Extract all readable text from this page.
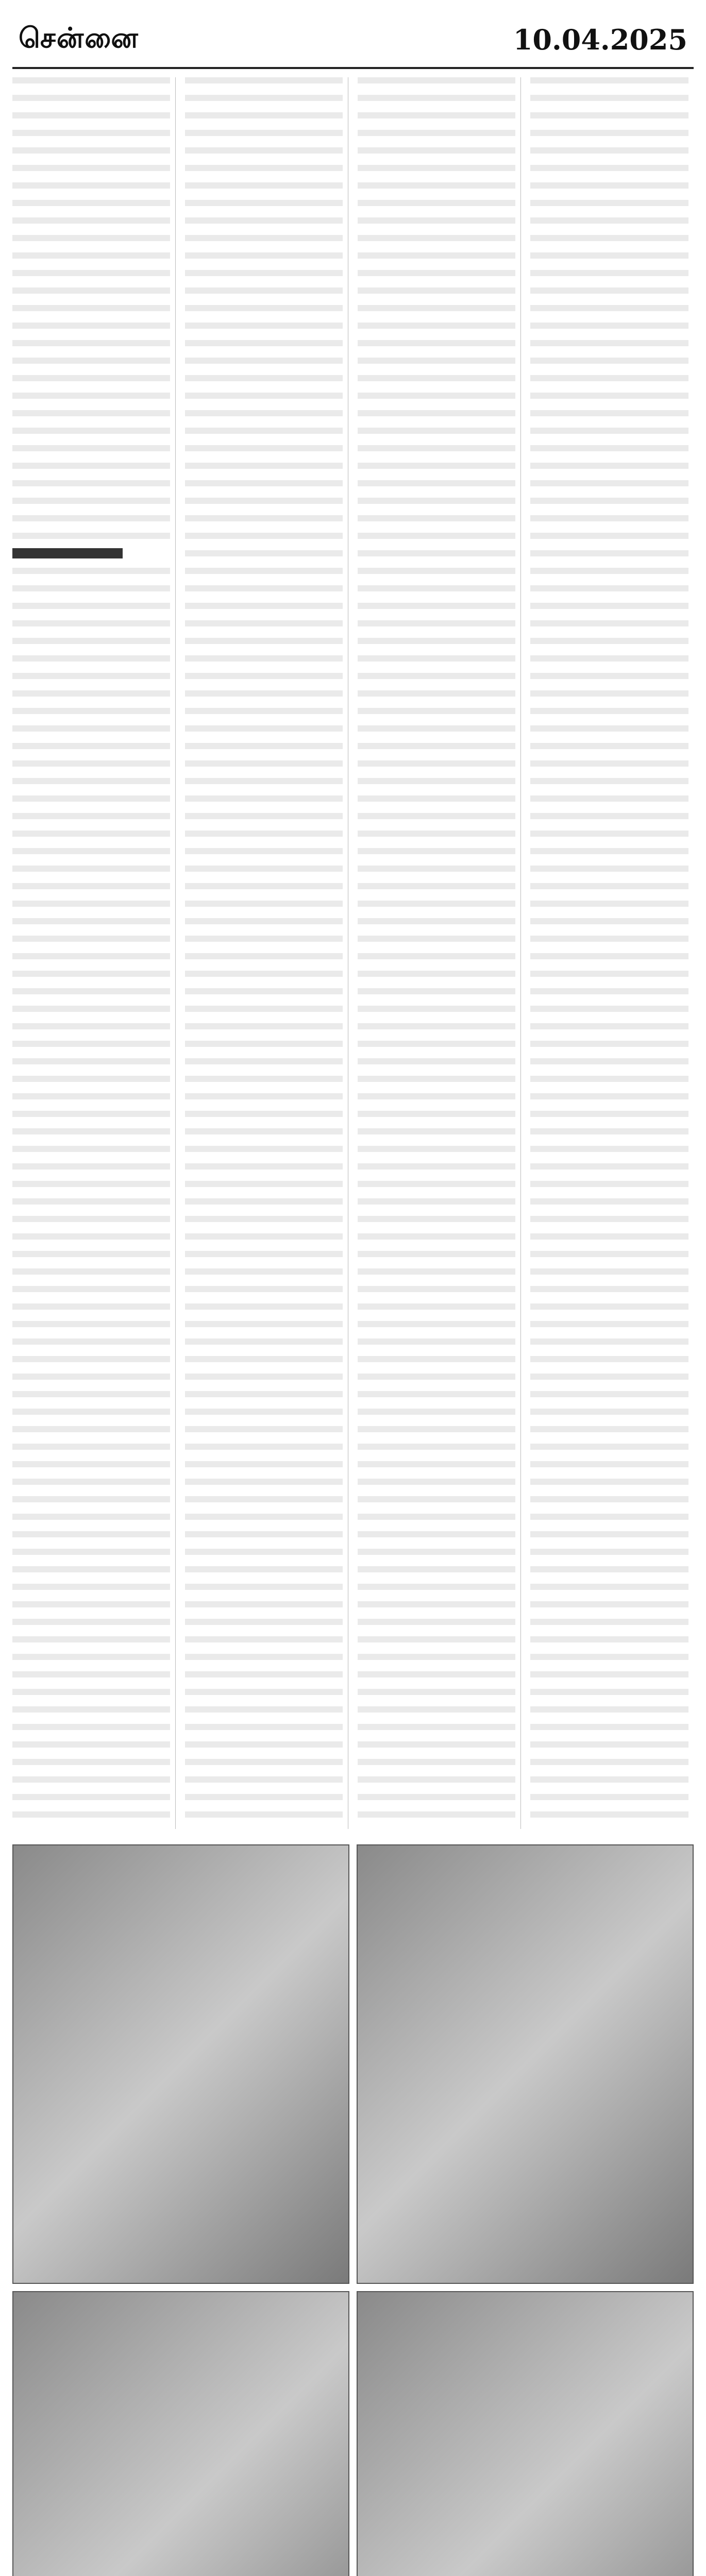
சென்னை	10.04.2025
